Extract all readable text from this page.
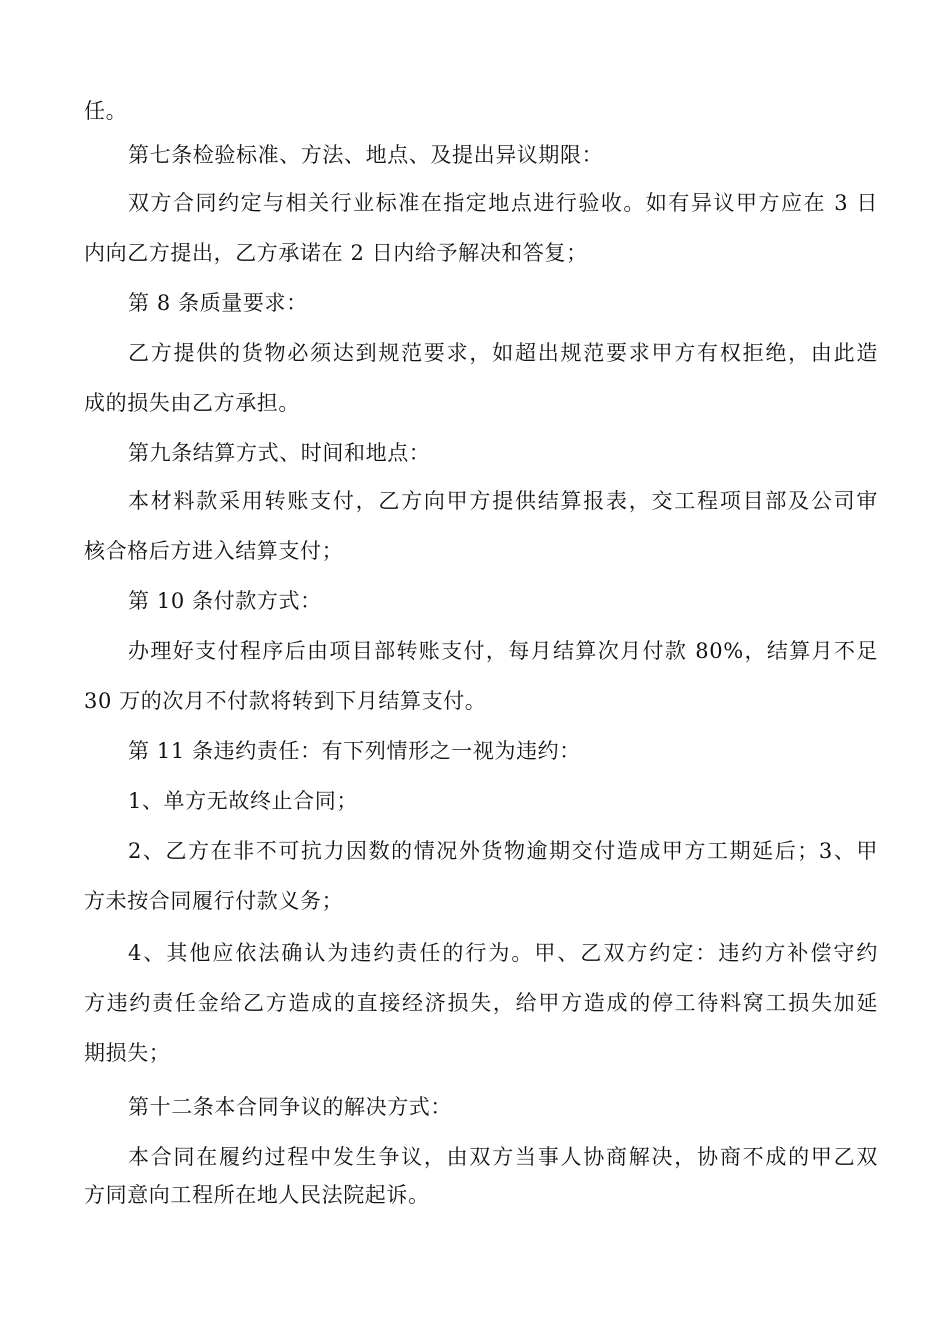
任。
第七条检验标准、方法、地点、及提出异议期限：
双方合同约定与相关行业标准在指定地点进行验收。如有异议甲方应在 3 日
内向乙方提出，乙方承诺在 2 日内给予解决和答复；
第 8 条质量要求：
乙方提供的货物必须达到规范要求，如超出规范要求甲方有权拒绝，由此造
成的损失由乙方承担。
第九条结算方式、时间和地点：
本材料款采用转账支付，乙方向甲方提供结算报表，交工程项目部及公司审
核合格后方进入结算支付；
第 10 条付款方式：
办理好支付程序后由项目部转账支付，每月结算次月付款 80%，结算月不足
30 万的次月不付款将转到下月结算支付。
第 11 条违约责任：有下列情形之一视为违约：
1、单方无故终止合同；
2、乙方在非不可抗力因数的情况外货物逾期交付造成甲方工期延后；3、甲
方未按合同履行付款义务；
4、其他应依法确认为违约责任的行为。甲、乙双方约定：违约方补偿守约
方违约责任金给乙方造成的直接经济损失，给甲方造成的停工待料窝工损失加延
期损失；
第十二条本合同争议的解决方式：
本合同在履约过程中发生争议，由双方当事人协商解决，协商不成的甲乙双
方同意向工程所在地人民法院起诉。
